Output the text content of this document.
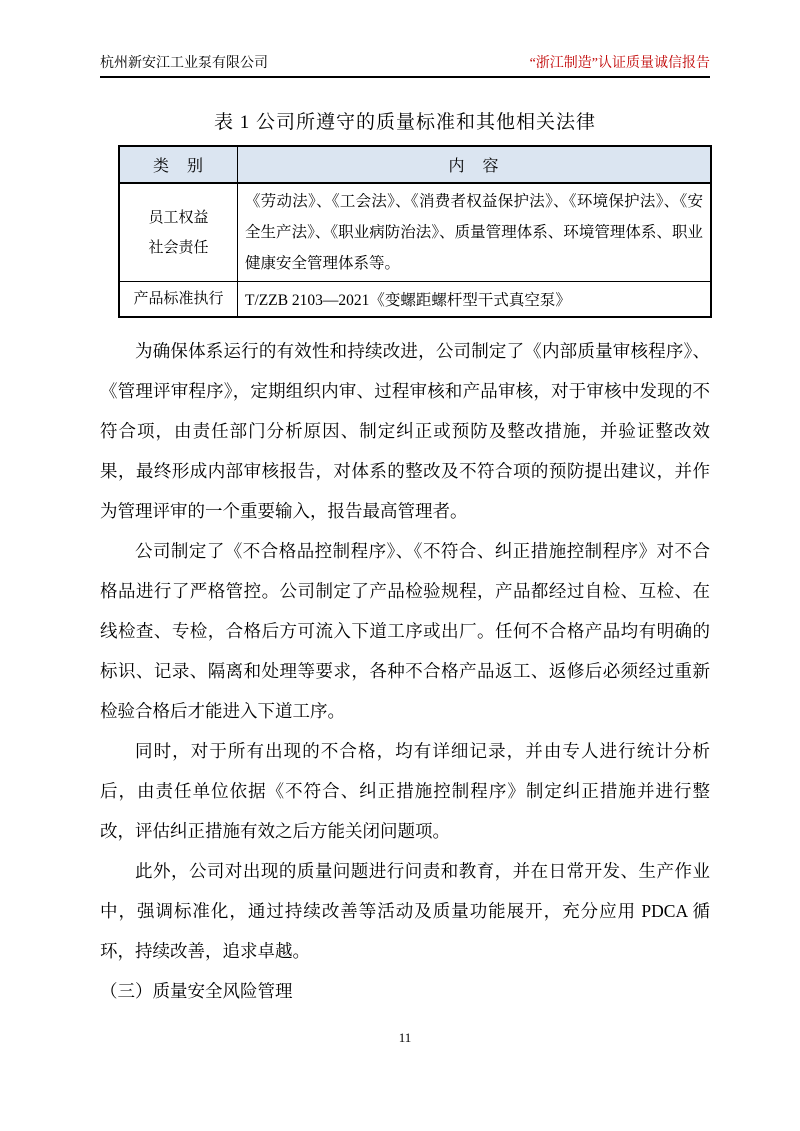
杭州新安江工业泵有限公司	“浙江制造”认证质量诚信报告
表 1 公司所遵守的质量标准和其他相关法律
类　别	内　容

员工权益
社会责任	《劳动法》、《工会法》、《消费者权益保护法》、《环境保护法》、《安全生产法》、《职业病防治法》、质量管理体系、环境管理体系、职业健康安全管理体系等。
产品标准执行	T/ZZB 2103—2021《变螺距螺杆型干式真空泵》

为确保体系运行的有效性和持续改进，公司制定了《内部质量审核程序》、《管理评审程序》，定期组织内审、过程审核和产品审核，对于审核中发现的不符合项，由责任部门分析原因、制定纠正或预防及整改措施，并验证整改效果，最终形成内部审核报告，对体系的整改及不符合项的预防提出建议，并作为管理评审的一个重要输入，报告最高管理者。

公司制定了《不合格品控制程序》、《不符合、纠正措施控制程序》对不合格品进行了严格管控。公司制定了产品检验规程，产品都经过自检、互检、在线检查、专检，合格后方可流入下道工序或出厂。任何不合格产品均有明确的标识、记录、隔离和处理等要求，各种不合格产品返工、返修后必须经过重新检验合格后才能进入下道工序。

同时，对于所有出现的不合格，均有详细记录，并由专人进行统计分析后，由责任单位依据《不符合、纠正措施控制程序》制定纠正措施并进行整改，评估纠正措施有效之后方能关闭问题项。

此外，公司对出现的质量问题进行问责和教育，并在日常开发、生产作业中，强调标准化，通过持续改善等活动及质量功能展开，充分应用 PDCA 循环，持续改善，追求卓越。

（三）质量安全风险管理

11
